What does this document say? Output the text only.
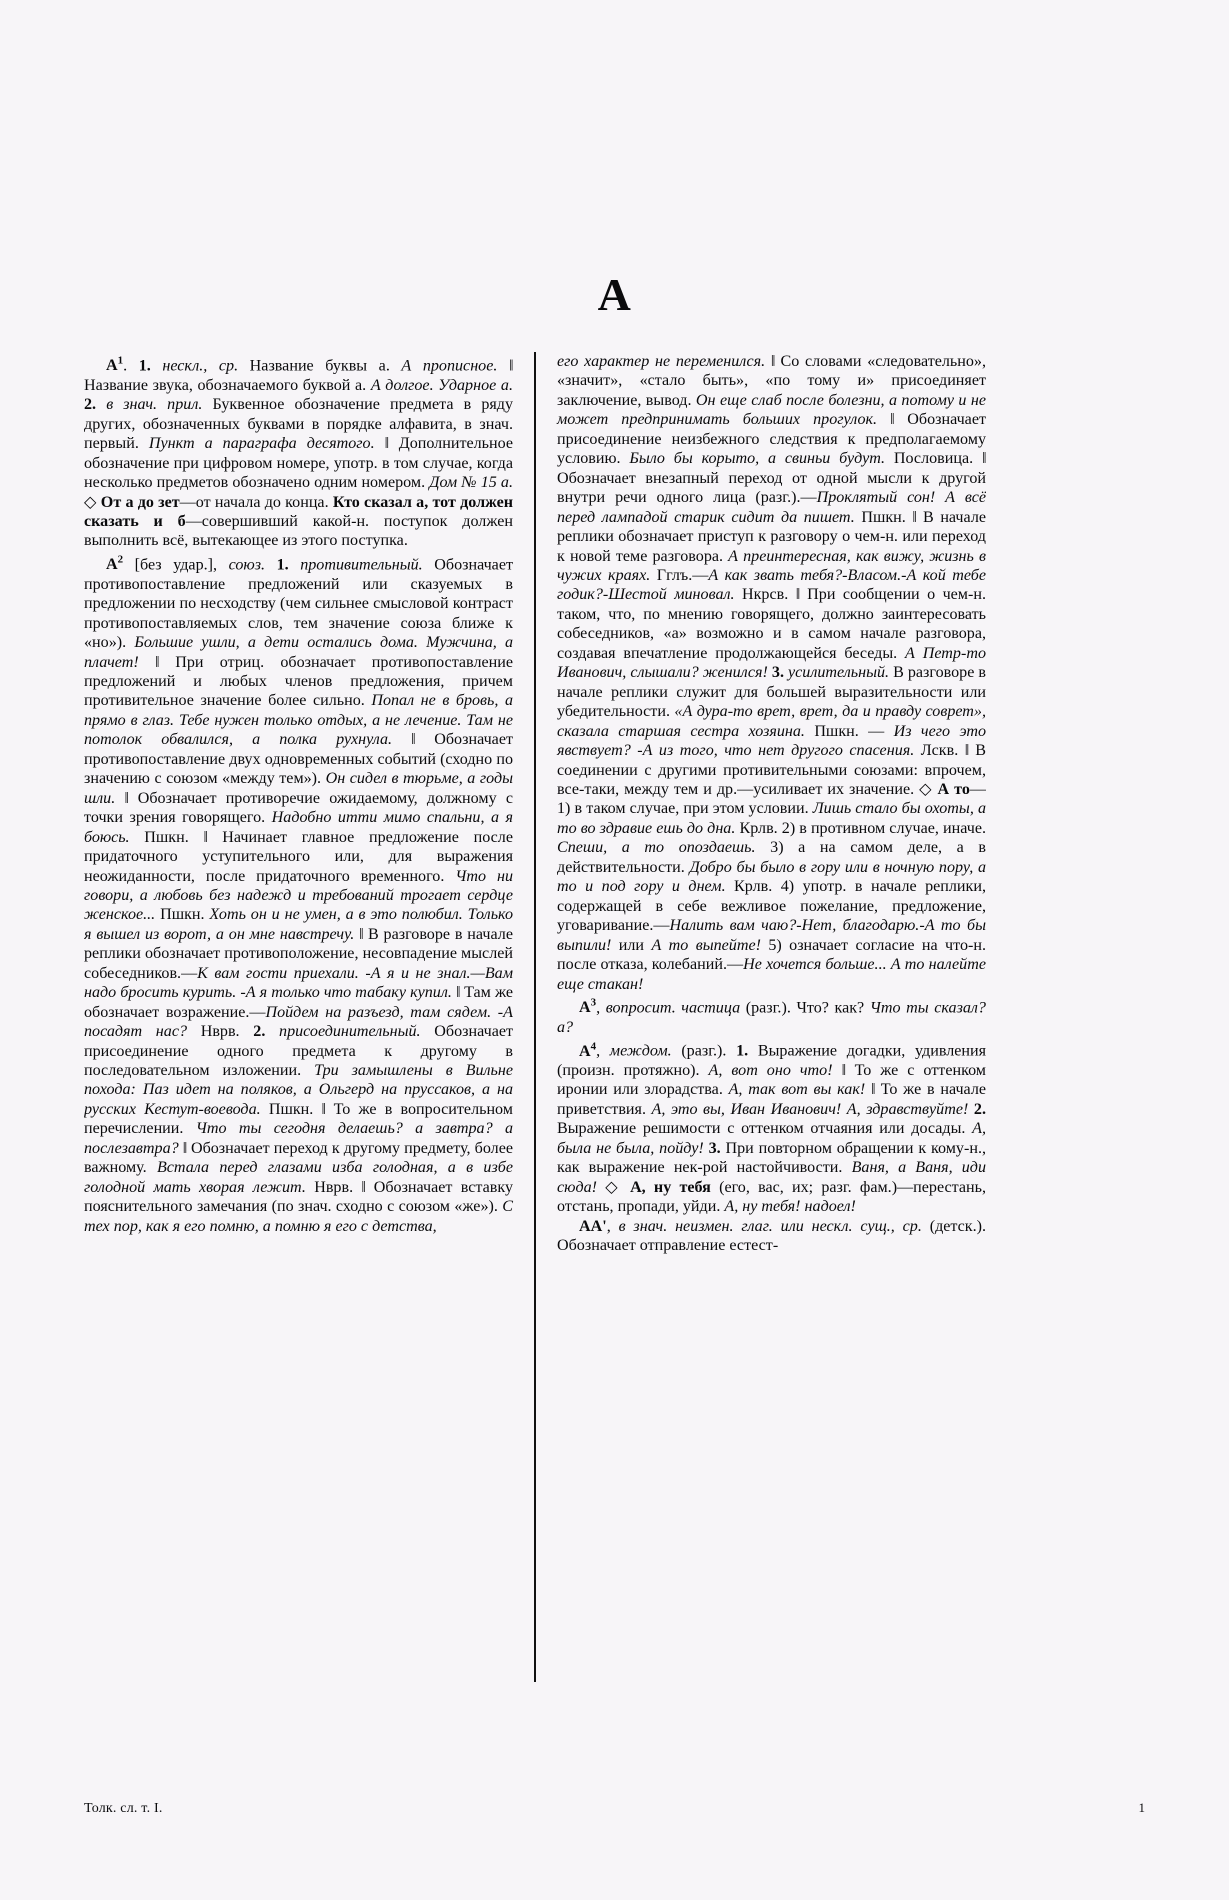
А

$А^1$. 1. нескл., ср. Название буквы а. А прописное. ‖ Название звука, обозначаемого буквой а. А долгое. Ударное а. 2. в знач. прил. Буквенное обозначение предмета в ряду других, обозначенных буквами в порядке алфавита, в знач. первый. Пункт а параграфа десятого. ‖ Дополнительное обозначение при цифровом номере, употр. в том случае, когда несколько предметов обозначено одним номером. Дом № 15 а. ◇ От а до зет—от начала до конца. Кто сказал а, тот должен сказать и б—совершивший какой-н. поступок должен выполнить всё, вытекающее из этого поступка.

$А^2$ [без удар.], союз. 1. противительный. Обозначает противопоставление предложений или сказуемых в предложении по несходству (чем сильнее смысловой контраст противопоставляемых слов, тем значение союза ближе к «но»). Большие ушли, а дети остались дома. Мужчина, а плачет! ‖ При отриц. обозначает противопоставление предложений и любых членов предложения, причем противительное значение более сильно. Попал не в бровь, а прямо в глаз. Тебе нужен только отдых, а не лечение. Там не потолок обвалился, а полка рухнула. ‖ Обозначает противопоставление двух одновременных событий (сходно по значению с союзом «между тем»). Он сидел в тюрьме, а годы шли. ‖ Обозначает противоречие ожидаемому, должному с точки зрения говорящего. Надобно итти мимо спальни, а я боюсь. Пшкн. ‖ Начинает главное предложение после придаточного уступительного или, для выражения неожиданности, после придаточного временного. Что ни говори, а любовь без надежд и требований трогает сердце женское... Пшкн. Хоть он и не умен, а в это полюбил. Только я вышел из ворот, а он мне навстречу. ‖ В разговоре в начале реплики обозначает противоположение, несовпадение мыслей собеседников.—К вам гости приехали. -А я и не знал.—Вам надо бросить курить. -А я только что табаку купил. ‖ Там же обозначает возражение.—Пойдем на разъезд, там сядем. -А посадят нас? Нврв. 2. присоединительный. Обозначает присоединение одного предмета к другому в последовательном изложении. Три замышлены в Вильне похода: Паз идет на поляков, а Ольгерд на пруссаков, а на русских Кестут-воевода. Пшкн. ‖ То же в вопросительном перечислении. Что ты сегодня делаешь? а завтра? а послезавтра? ‖ Обозначает переход к другому предмету, более важному. Встала перед глазами изба голодная, а в избе голодной мать хворая лежит. Нврв. ‖ Обозначает вставку пояснительного замечания (по знач. сходно с союзом «же»). С тех пор, как я его помню, а помню я его с детства,

его характер не переменился. ‖ Со словами «следовательно», «значит», «стало быть», «по тому и» присоединяет заключение, вывод. Он еще слаб после болезни, а потому и не может предпринимать больших прогулок. ‖ Обозначает присоединение неизбежного следствия к предполагаемому условию. Было бы корыто, а свиньи будут. Пословица. ‖ Обозначает внезапный переход от одной мысли к другой внутри речи одного лица (разг.).—Проклятый сон! А всё перед лампадой старик сидит да пишет. Пшкн. ‖ В начале реплики обозначает приступ к разговору о чем-н. или переход к новой теме разговора. А преинтересная, как вижу, жизнь в чужих краях. Гглъ.—А как звать тебя?-Власом.-А кой тебе годик?-Шестой миновал. Нкрсв. ‖ При сообщении о чем-н. таком, что, по мнению говорящего, должно заинтересовать собеседников, «а» возможно и в самом начале разговора, создавая впечатление продолжающейся беседы. А Петр-то Иванович, слышали? женился! 3. усилительный. В разговоре в начале реплики служит для большей выразительности или убедительности. «А дура-то врет, врет, да и правду соврет», сказала старшая сестра хозяина. Пшкн. — Из чего это явствует? -А из того, что нет другого спасения. Лскв. ‖ В соединении с другими противительными союзами: впрочем, все-таки, между тем и др.—усиливает их значение. ◇ А то—1) в таком случае, при этом условии. Лишь стало бы охоты, а то во здравие ешь до дна. Крлв. 2) в противном случае, иначе. Спеши, а то опоздаешь. 3) а на самом деле, а в действительности. Добро бы было в гору или в ночную пору, а то и под гору и днем. Крлв. 4) употр. в начале реплики, содержащей в себе вежливое пожелание, предложение, уговаривание.—Налить вам чаю?-Нет, благодарю.-А то бы выпили! или А то выпейте! 5) означает согласие на что-н. после отказа, колебаний.—Не хочется больше... А то налейте еще стакан!

$А^3$, вопросит. частица (разг.). Что? как? Что ты сказал? а?

$А^4$, междом. (разг.). 1. Выражение догадки, удивления (произн. протяжно). А, вот оно что! ‖ То же с оттенком иронии или злорадства. А, так вот вы как! ‖ То же в начале приветствия. А, это вы, Иван Иванович! А, здравствуйте! 2. Выражение решимости с оттенком отчаяния или досады. А, была не была, пойду! 3. При повторном обращении к кому-н., как выражение нек-рой настойчивости. Ваня, а Ваня, иди сюда! ◇ А, ну тебя (его, вас, их; разг. фам.)—перестань, отстань, пропади, уйди. А, ну тебя! надоел!

АА', в знач. неизмен. глаг. или нескл. сущ., ср. (детск.). Обозначает отправление естест-

Толк. сл. т. I.	1
